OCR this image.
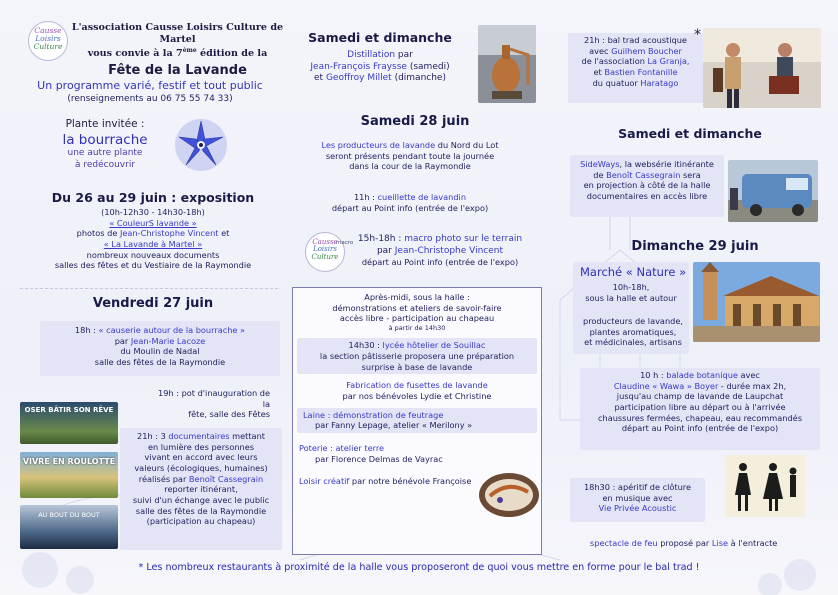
Causse
Loisirs
Culture
L'association Causse Loisirs Culture de Martel
vous convie à la 7ème édition de la
Fête de la Lavande
Un programme varié, festif et tout public
(renseignements au 06 75 55 74 33)
Plante invitée :
la bourrache
une autre plante
à redécouvrir
Du 26 au 29 juin : exposition
(10h-12h30 - 14h30-18h)
« CouleurS lavande »
photos de Jean-Christophe Vincent et
« La Lavande à Martel »
nombreux nouveaux documents
salles des fêtes et du Vestiaire de la Raymondie
Vendredi 27 juin
18h : « causerie autour de la bourrache »
par Jean-Marie Lacoze
du Moulin de Nadal
salle des fêtes de la Raymondie
19h : pot d'inauguration de la
fête, salle des Fêtes
21h : 3 documentaires mettant
en lumière des personnes
vivant en accord avec leurs
valeurs (écologiques, humaines)
réalisés par Benoît Cassegrain
reporter itinérant,
suivi d'un échange avec le public
salle des fêtes de la Raymondie
(participation au chapeau)
OSER BÂTIR SON RÊVE
VIVRE EN ROULOTTE
AU BOUT DU BOUT
Samedi et dimanche
Distillation par
Jean-François Fraysse (samedi)
et Geoffroy Millet (dimanche)
Samedi 28 juin
Les producteurs de lavande du Nord du Lot
seront présents pendant toute la journée
dans la cour de la Raymondie
11h : cueillette de lavandin
départ au Point info (entrée de l'expo)
Causse
Loisirs
Culture
macro 15h-18h : macro photo sur le terrain
par Jean-Christophe Vincent
départ au Point info (entrée de l'expo)
Après-midi, sous la halle :
démonstrations et ateliers de savoir-faire
accès libre - participation au chapeau
à partir de 14h30
14h30 : lycée hôtelier de Souillac
la section pâtisserie proposera une préparation
surprise à base de lavande
Fabrication de fusettes de lavande
par nos bénévoles Lydie et Christine
Laine : démonstration de feutrage
par Fanny Lepage, atelier « Merilony »
Poterie : atelier terre
par Florence Delmas de Vayrac
Loisir créatif par notre bénévole Françoise
21h : bal trad acoustique
avec Guilhem Boucher
de l'association La Granja,
et Bastien Fontanille
du quatuor Haratago
*
Samedi et dimanche
SideWays, la websérie itinérante
de Benoît Cassegrain sera
en projection à côté de la halle
documentaires en accès libre
Dimanche 29 juin
Marché « Nature »
10h-18h,
sous la halle et autour
producteurs de lavande,
plantes aromatiques,
et médicinales, artisans
10 h : balade botanique avec
Claudine « Wawa » Boyer - durée max 2h,
jusqu'au champ de lavande de Laupchat
participation libre au départ ou à l'arrivée
chaussures fermées, chapeau, eau recommandés
départ au Point info (entrée de l'expo)
18h30 : apéritif de clôture
en musique avec
Vie Privée Acoustic
spectacle de feu proposé par Lise à l'entracte
* Les nombreux restaurants à proximité de la halle vous proposeront de quoi vous mettre en forme pour le bal trad !
